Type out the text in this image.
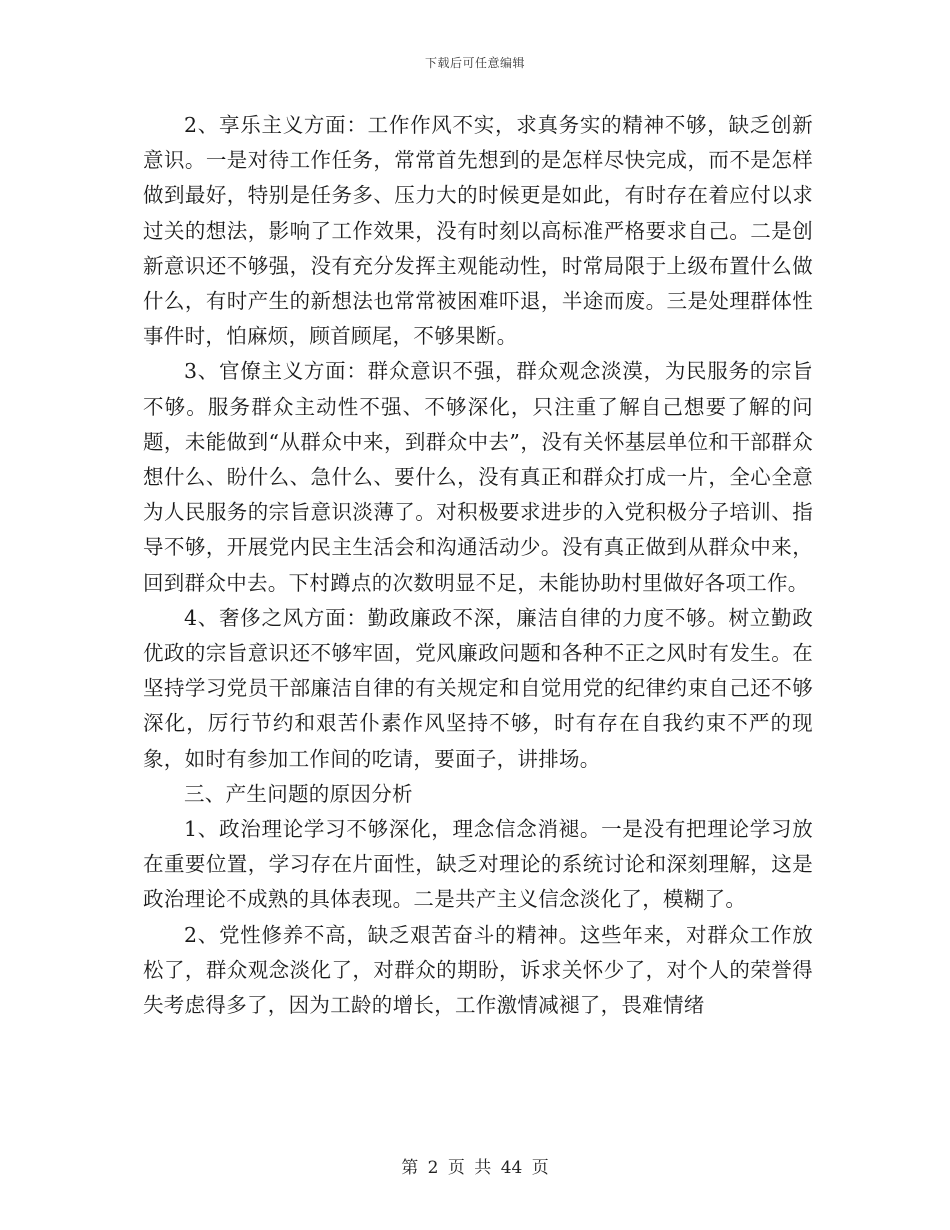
下载后可任意编辑

2、享乐主义方面：工作作风不实，求真务实的精神不够，缺乏创新意识。一是对待工作任务，常常首先想到的是怎样尽快完成，而不是怎样做到最好，特别是任务多、压力大的时候更是如此，有时存在着应付以求过关的想法，影响了工作效果，没有时刻以高标准严格要求自己。二是创新意识还不够强，没有充分发挥主观能动性，时常局限于上级布置什么做什么，有时产生的新想法也常常被困难吓退，半途而废。三是处理群体性事件时，怕麻烦，顾首顾尾，不够果断。

3、官僚主义方面：群众意识不强，群众观念淡漠，为民服务的宗旨不够。服务群众主动性不强、不够深化，只注重了解自己想要了解的问题，未能做到“从群众中来，到群众中去”，没有关怀基层单位和干部群众想什么、盼什么、急什么、要什么，没有真正和群众打成一片，全心全意为人民服务的宗旨意识淡薄了。对积极要求进步的入党积极分子培训、指导不够，开展党内民主生活会和沟通活动少。没有真正做到从群众中来，回到群众中去。下村蹲点的次数明显不足，未能协助村里做好各项工作。

4、奢侈之风方面：勤政廉政不深，廉洁自律的力度不够。树立勤政优政的宗旨意识还不够牢固，党风廉政问题和各种不正之风时有发生。在坚持学习党员干部廉洁自律的有关规定和自觉用党的纪律约束自己还不够深化，厉行节约和艰苦仆素作风坚持不够，时有存在自我约束不严的现象，如时有参加工作间的吃请，要面子，讲排场。

三、产生问题的原因分析

1、政治理论学习不够深化，理念信念消褪。一是没有把理论学习放在重要位置，学习存在片面性，缺乏对理论的系统讨论和深刻理解，这是政治理论不成熟的具体表现。二是共产主义信念淡化了，模糊了。

2、党性修养不高，缺乏艰苦奋斗的精神。这些年来，对群众工作放松了，群众观念淡化了，对群众的期盼，诉求关怀少了，对个人的荣誉得失考虑得多了，因为工龄的增长，工作激情减褪了，畏难情绪

第 2 页 共 44 页
